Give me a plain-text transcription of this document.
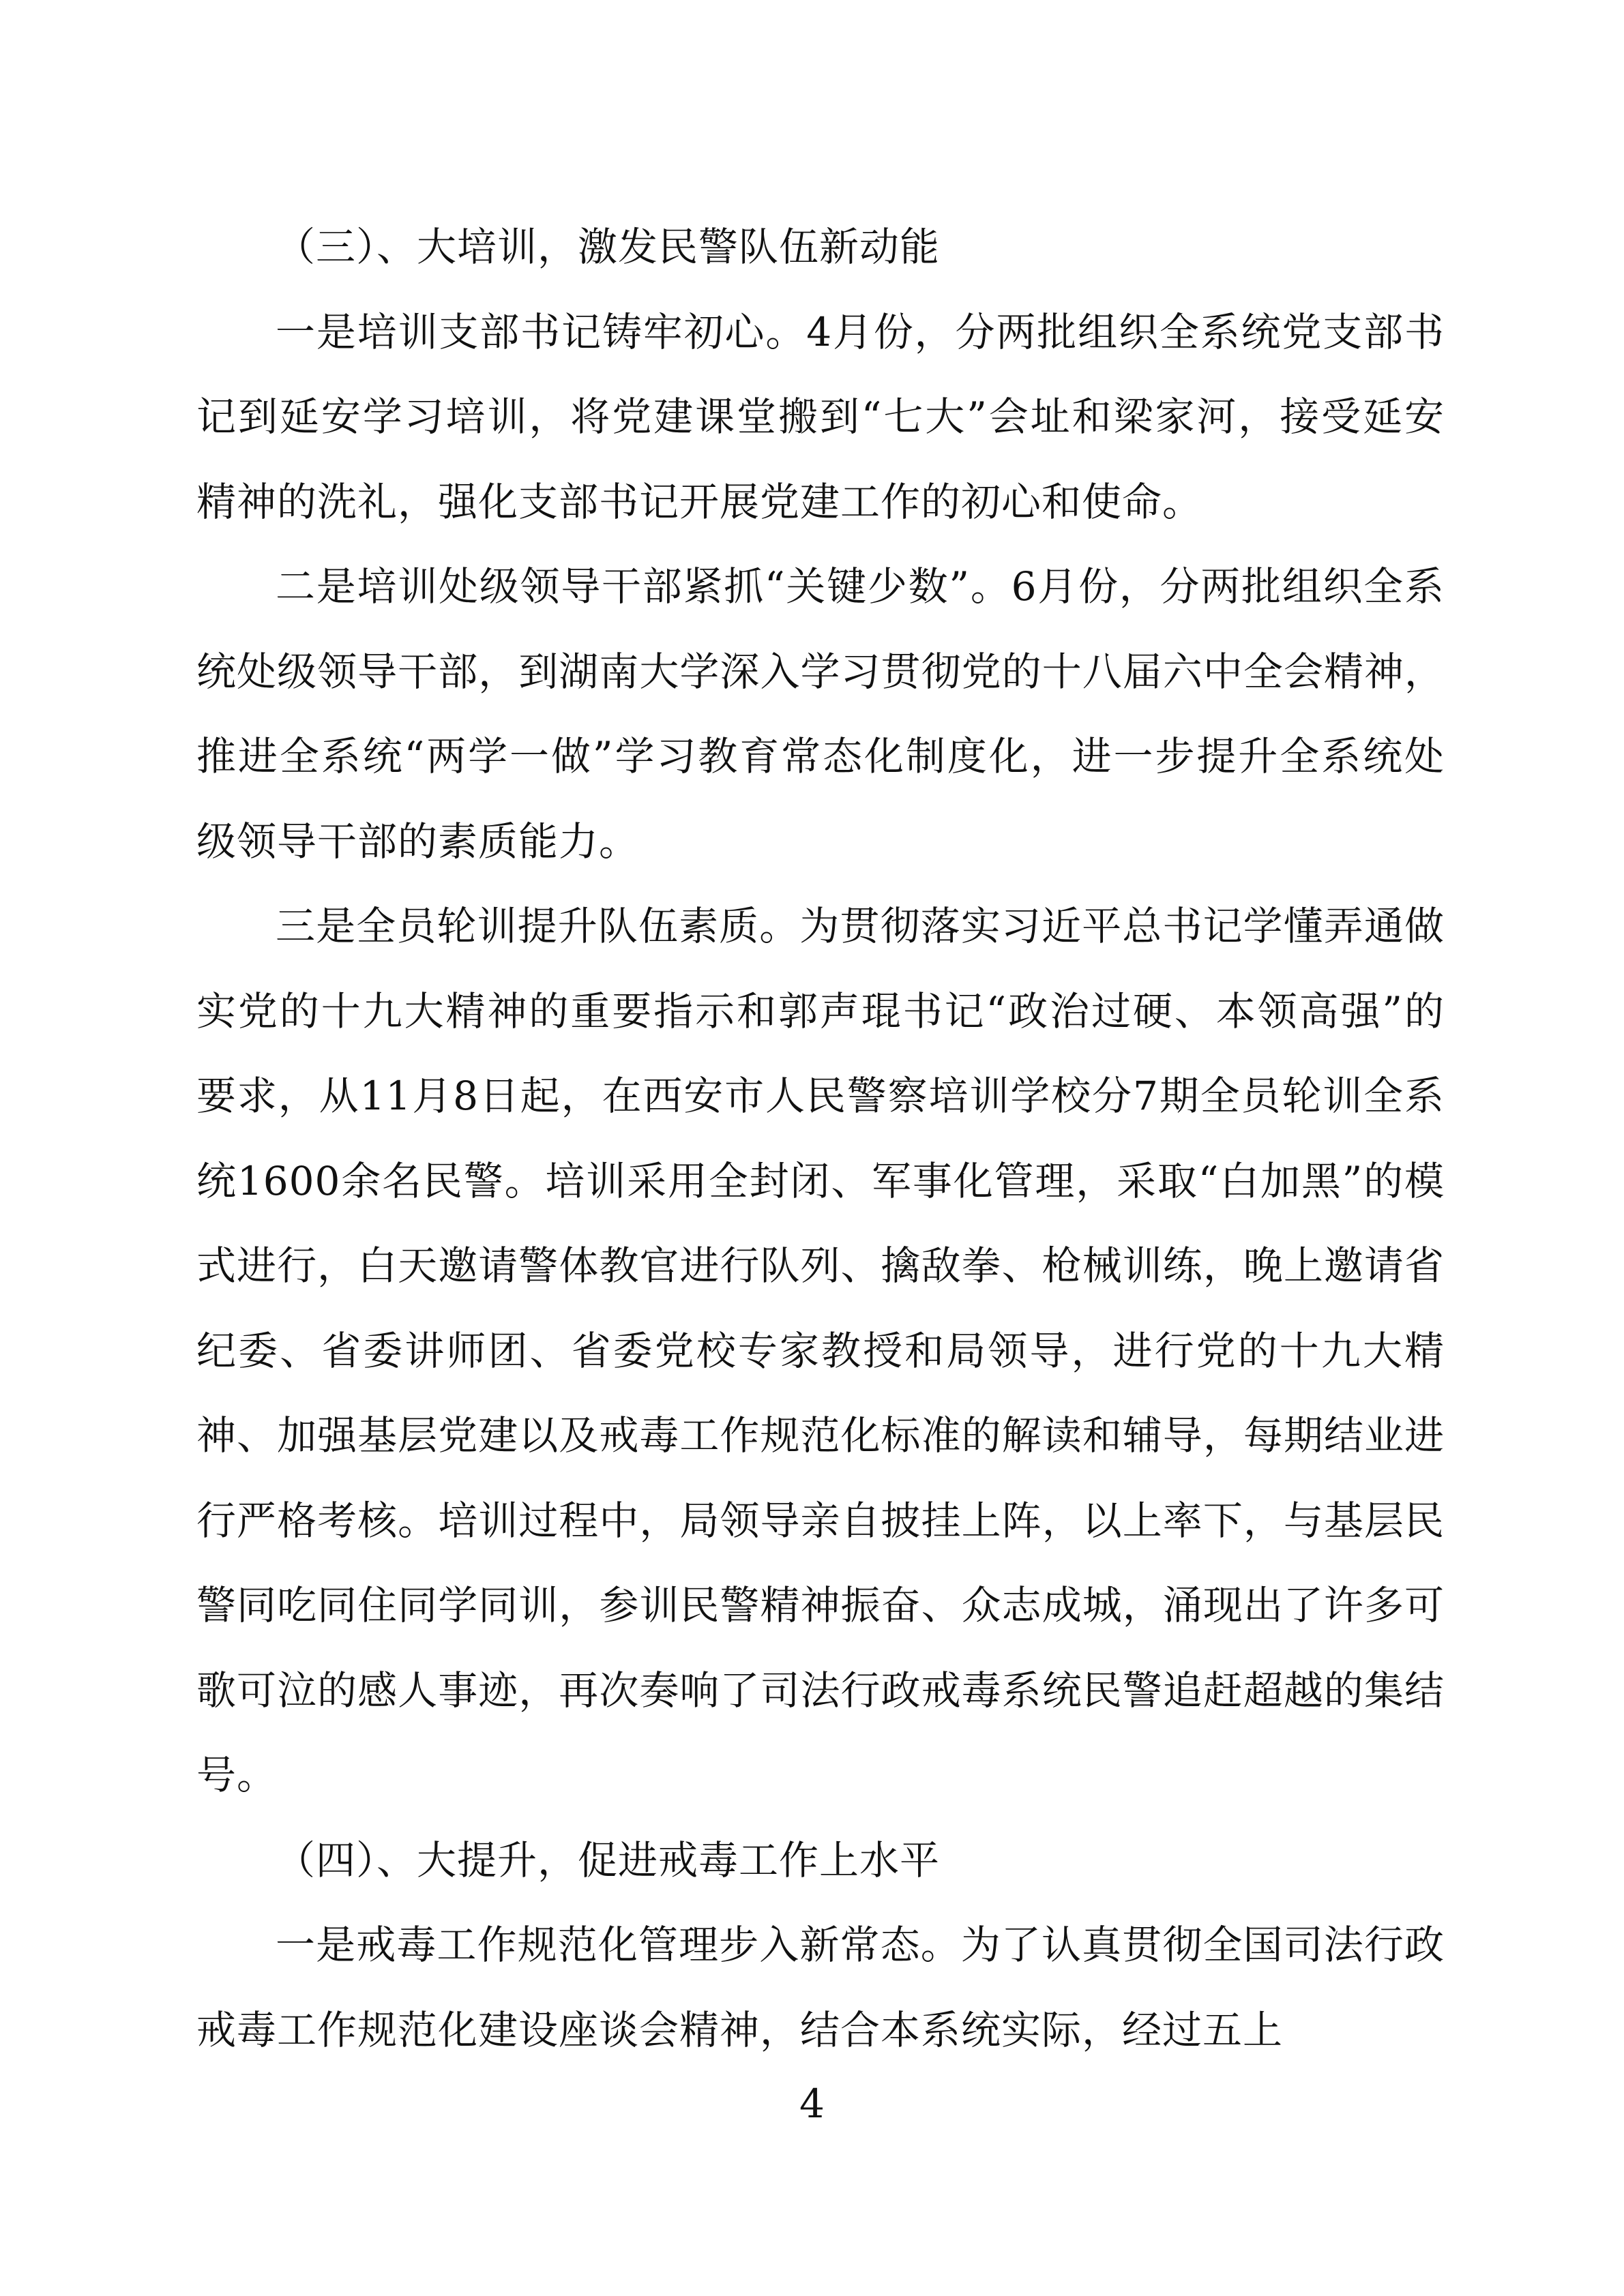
（三）、大培训，激发民警队伍新动能

一是培训支部书记铸牢初心。4月份，分两批组织全系统党支部书记到延安学习培训，将党建课堂搬到“七大”会址和梁家河，接受延安精神的洗礼，强化支部书记开展党建工作的初心和使命。

二是培训处级领导干部紧抓“关键少数”。6月份，分两批组织全系统处级领导干部，到湖南大学深入学习贯彻党的十八届六中全会精神，推进全系统“两学一做”学习教育常态化制度化，进一步提升全系统处级领导干部的素质能力。

三是全员轮训提升队伍素质。为贯彻落实习近平总书记学懂弄通做实党的十九大精神的重要指示和郭声琨书记“政治过硬、本领高强”的要求，从11月8日起，在西安市人民警察培训学校分7期全员轮训全系统1600余名民警。培训采用全封闭、军事化管理，采取“白加黑”的模式进行，白天邀请警体教官进行队列、擒敌拳、枪械训练，晚上邀请省纪委、省委讲师团、省委党校专家教授和局领导，进行党的十九大精神、加强基层党建以及戒毒工作规范化标准的解读和辅导，每期结业进行严格考核。培训过程中，局领导亲自披挂上阵，以上率下，与基层民警同吃同住同学同训，参训民警精神振奋、众志成城，涌现出了许多可歌可泣的感人事迹，再次奏响了司法行政戒毒系统民警追赶超越的集结号。

（四）、大提升，促进戒毒工作上水平

一是戒毒工作规范化管理步入新常态。为了认真贯彻全国司法行政戒毒工作规范化建设座谈会精神，结合本系统实际，经过五上

4
